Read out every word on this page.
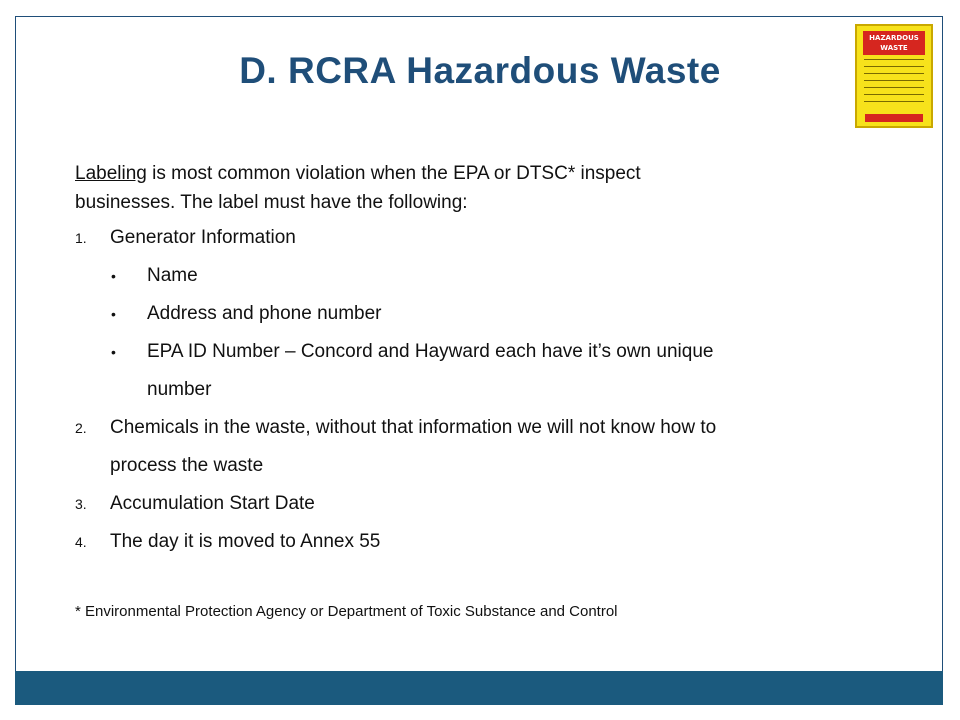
D. RCRA Hazardous Waste
HAZARDOUS
WASTE
Labeling is most common violation when the EPA or DTSC* inspect
businesses. The label must have the following:
1. Generator Information
• Name
• Address and phone number
• EPA ID Number – Concord and Hayward each have it’s own unique
number
2. Chemicals in the waste, without that information we will not know how to
process the waste
3. Accumulation Start Date
4. The day it is moved to Annex 55
* Environmental Protection Agency or Department of Toxic Substance and Control
